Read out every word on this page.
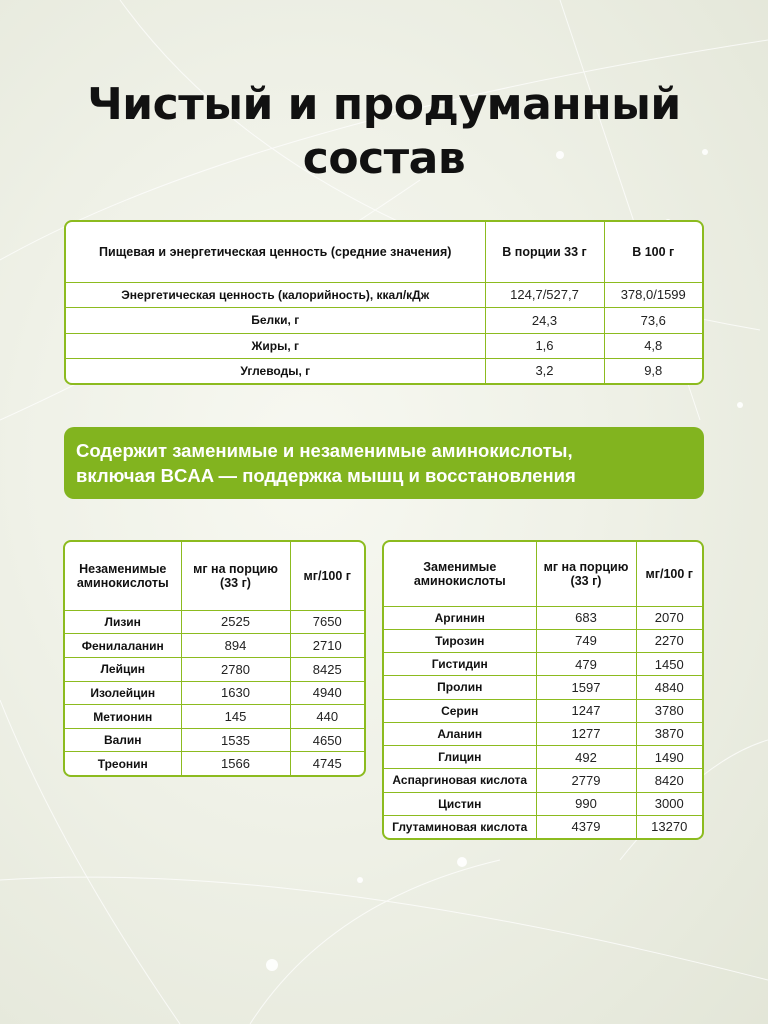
Чистый и продуманный
состав
Пищевая и энергетическая ценность (средние значения)	В порции 33 г	В 100 г
Энергетическая ценность (калорийность), ккал/кДж	124,7/527,7	378,0/1599
Белки, г	24,3	73,6
Жиры, г	1,6	4,8
Углеводы, г	3,2	9,8
Содержит заменимые и незаменимые аминокислоты,
включая BCAA — поддержка мышц и восстановления
Незаменимые аминокислоты	мг на порцию (33 г)	мг/100 г
Лизин	2525	7650
Фенилаланин	894	2710
Лейцин	2780	8425
Изолейцин	1630	4940
Метионин	145	440
Валин	1535	4650
Треонин	1566	4745
Заменимые аминокислоты	мг на порцию (33 г)	мг/100 г
Аргинин	683	2070
Тирозин	749	2270
Гистидин	479	1450
Пролин	1597	4840
Серин	1247	3780
Аланин	1277	3870
Глицин	492	1490
Аспаргиновая кислота	2779	8420
Цистин	990	3000
Глутаминовая кислота	4379	13270
